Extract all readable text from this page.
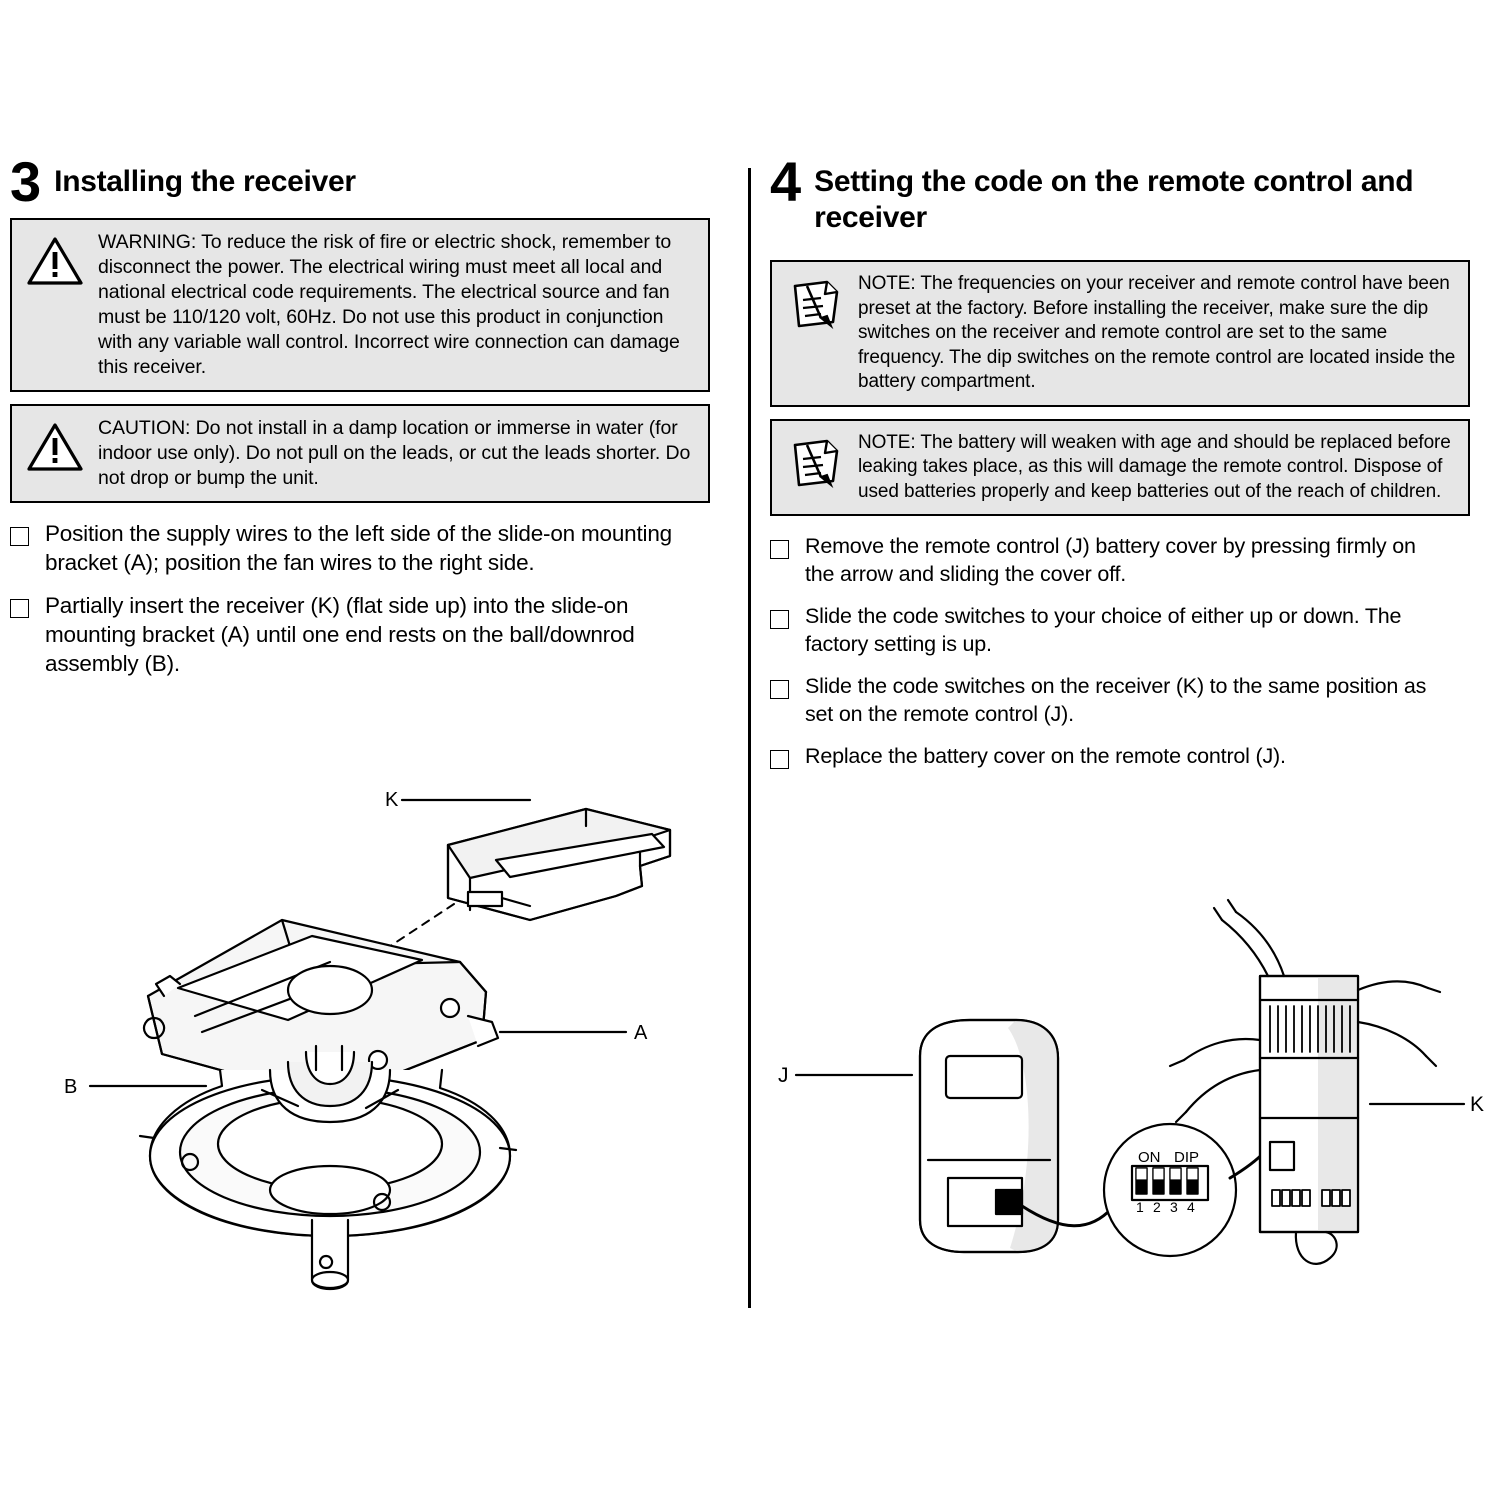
3 Installing the receiver
WARNING: To reduce the risk of fire or electric shock, remember to disconnect the power. The electrical wiring must meet all local and national electrical code requirements. The electrical source and fan must be 110/120 volt, 60Hz. Do not use this product in conjunction with any variable wall control. Incorrect wire connection can damage this receiver.
CAUTION: Do not install in a damp location or immerse in water (for indoor use only). Do not pull on the leads, or cut the leads shorter. Do not drop or bump the unit.
Position the supply wires to the left side of the slide-on mounting bracket (A); position the fan wires to the right side.
Partially insert the receiver (K) (flat side up) into the slide-on mounting bracket (A) until one end rests on the ball/downrod assembly (B).
K
A
B
4 Setting the code on the remote control and receiver
NOTE: The frequencies on your receiver and remote control have been preset at the factory. Before installing the receiver, make sure the dip switches on the receiver and remote control are set to the same frequency. The dip switches on the remote control are located inside the battery compartment.
NOTE: The battery will weaken with age and should be replaced before leaking takes place, as this will damage the remote control. Dispose of used batteries properly and keep batteries out of the reach of children.
Remove the remote control (J) battery cover by pressing firmly on the arrow and sliding the cover off.
Slide the code switches to your choice of either up or down. The factory setting is up.
Slide the code switches on the receiver (K) to the same position as set on the remote control (J).
Replace the battery cover on the remote control (J).
J
ON DIP
1 2 3 4
K
